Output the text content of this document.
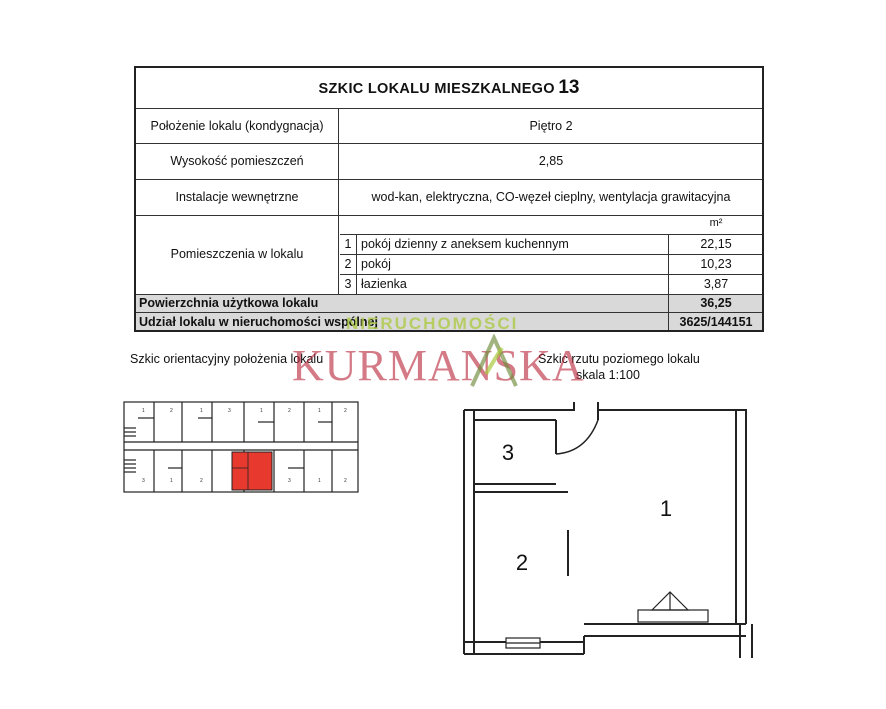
SZKIC LOKALU MIESZKALNEGO 13
Położenie lokalu (kondygnacja)	Piętro 2
Wysokość pomieszczeń	2,85
Instalacje wewnętrzne	wod-kan, elektryczna, CO-węzeł cieplny, wentylacja grawitacyjna
Pomieszczenia w lokalu
m²
1 pokój dzienny z aneksem kuchennym	22,15
2 pokój	10,23
3 łazienka	3,87
Powierzchnia użytkowa lokalu	36,25
Udział lokalu w nieruchomości wspólnej	3625/144151
Szkic orientacyjny położenia lokalu	Szkic rzutu poziomego lokalu
skala 1:100
NIERUCHOMOŚCI
KURMANSKA
1	2	1	3	1	2	1	2
3	1	2	3	1	2
3
2
1
